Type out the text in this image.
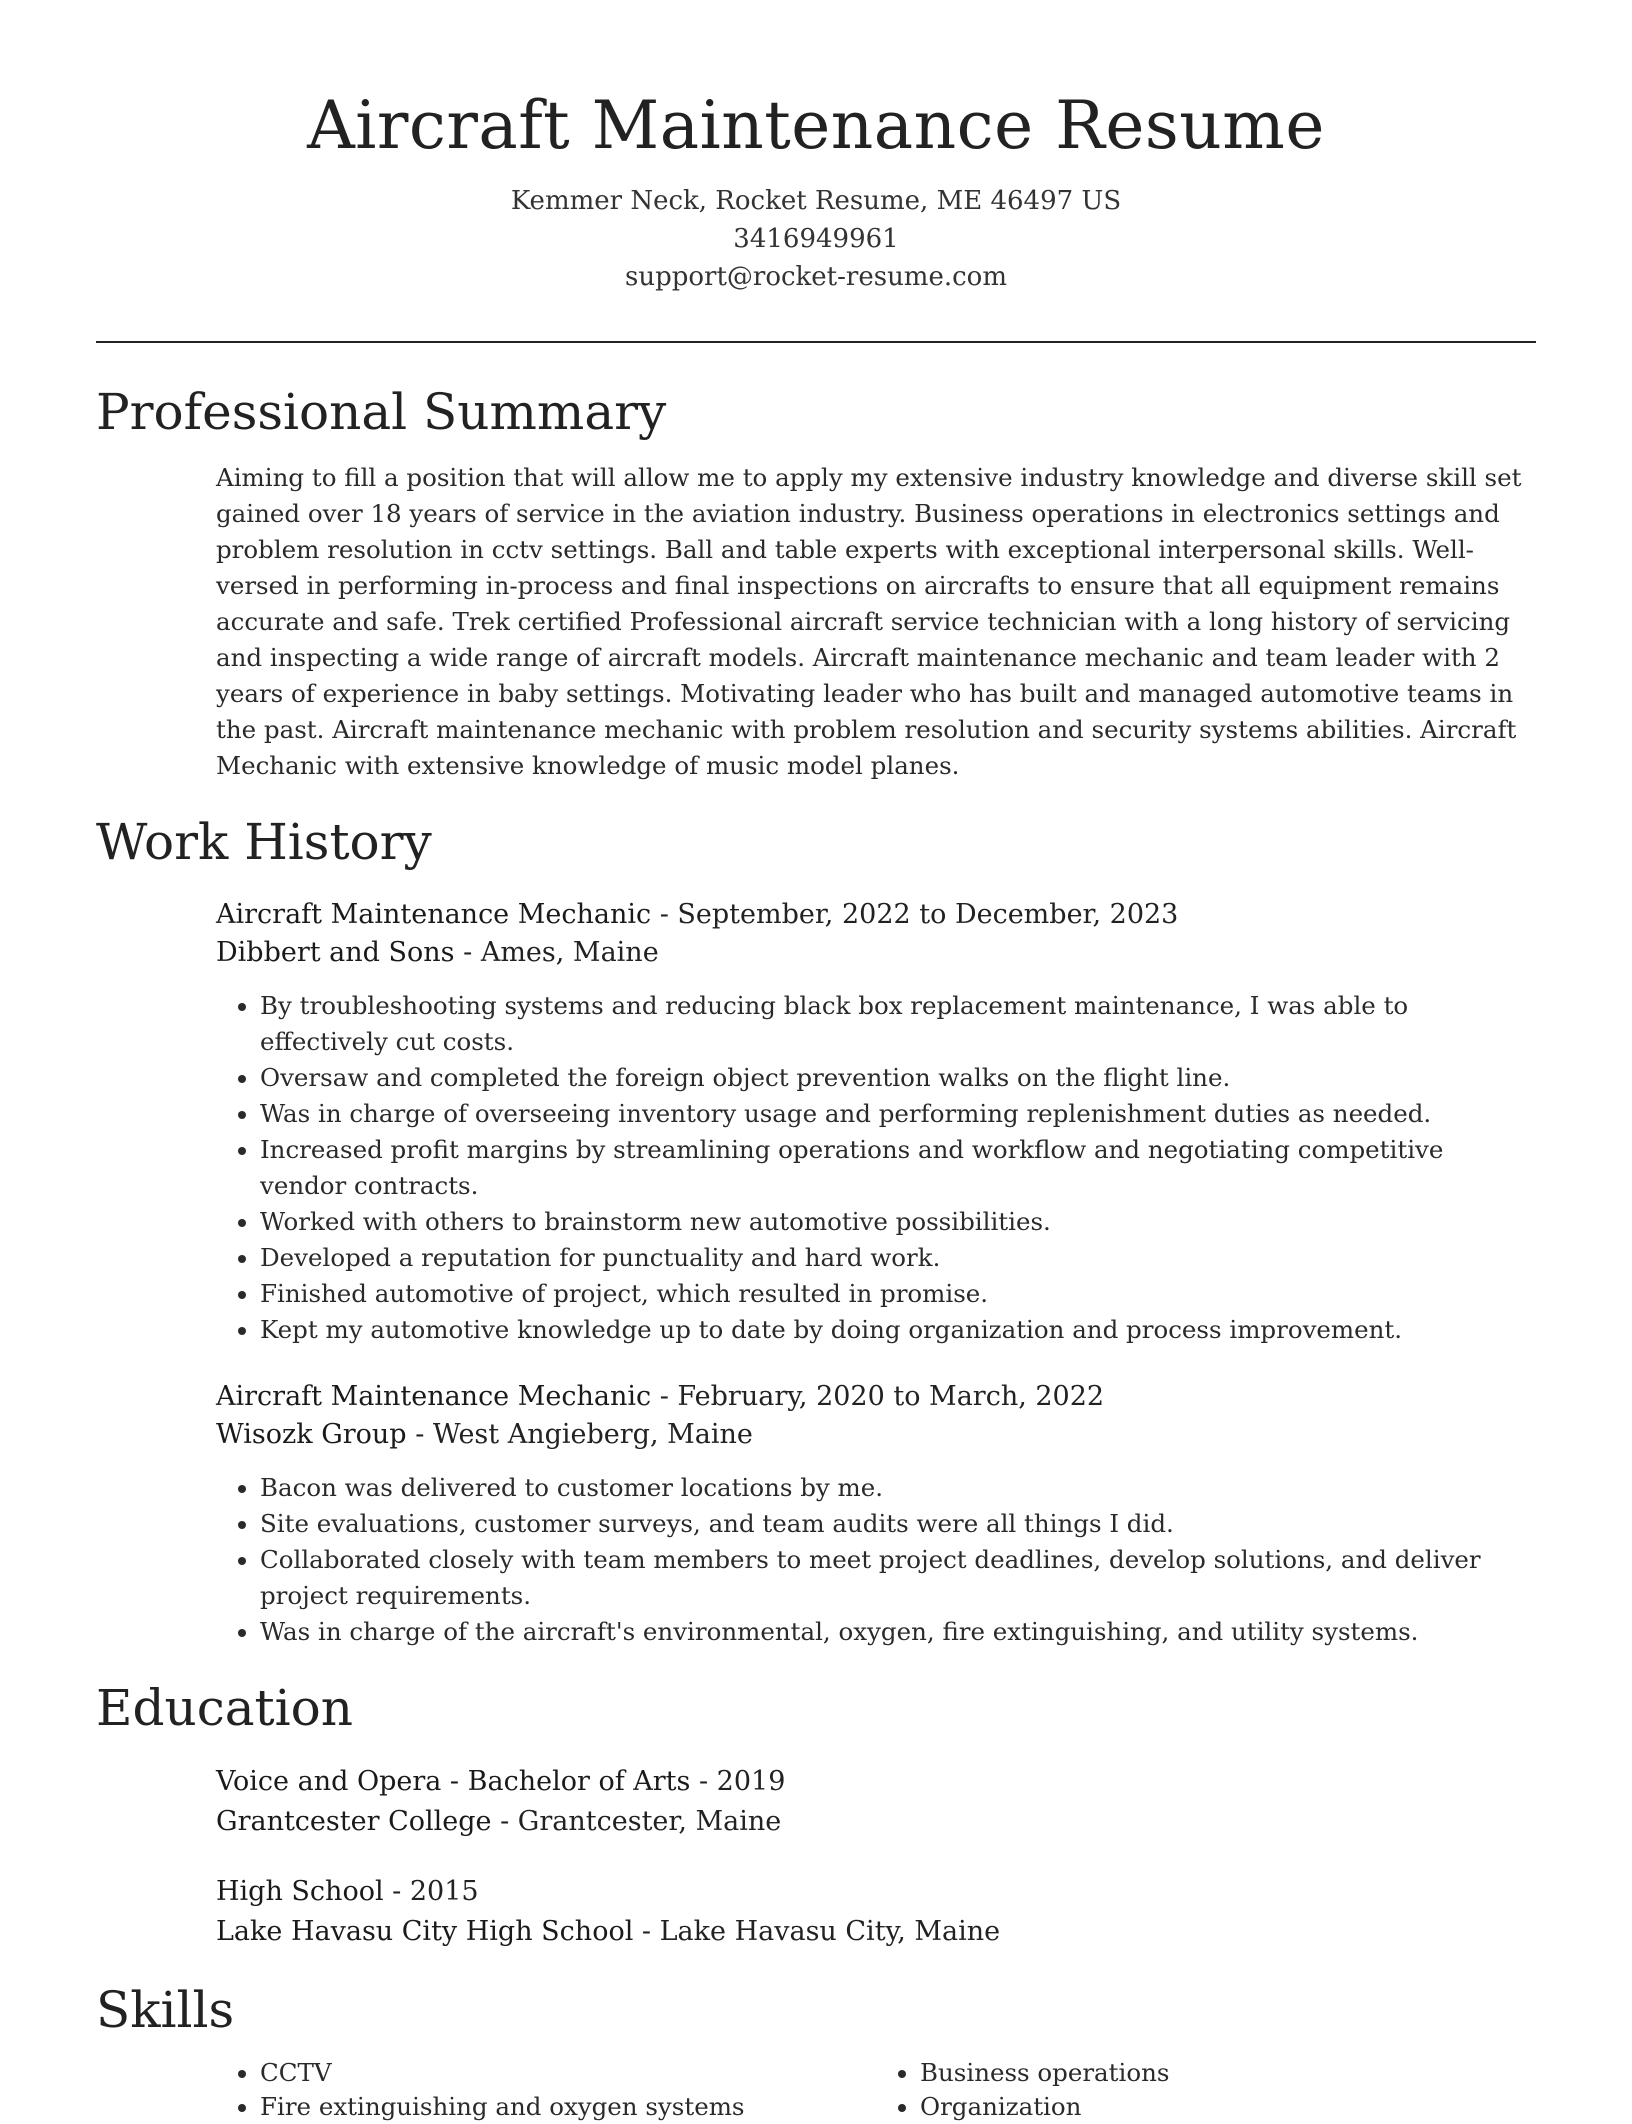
Aircraft Maintenance Resume
Kemmer Neck, Rocket Resume, ME 46497 US
3416949961
support@rocket-resume.com
Professional Summary

Aiming to fill a position that will allow me to apply my extensive industry knowledge and diverse skill set gained over 18 years of service in the aviation industry. Business operations in electronics settings and problem resolution in cctv settings. Ball and table experts with exceptional interpersonal skills. Well-versed in performing in-process and final inspections on aircrafts to ensure that all equipment remains accurate and safe. Trek certified Professional aircraft service technician with a long history of servicing and inspecting a wide range of aircraft models. Aircraft maintenance mechanic and team leader with 2 years of experience in baby settings. Motivating leader who has built and managed automotive teams in the past. Aircraft maintenance mechanic with problem resolution and security systems abilities. Aircraft Mechanic with extensive knowledge of music model planes.

Work History
Aircraft Maintenance Mechanic - September, 2022 to December, 2023
Dibbert and Sons - Ames, Maine
• By troubleshooting systems and reducing black box replacement maintenance, I was able to effectively cut costs.
• Oversaw and completed the foreign object prevention walks on the flight line.
• Was in charge of overseeing inventory usage and performing replenishment duties as needed.
• Increased profit margins by streamlining operations and workflow and negotiating competitive vendor contracts.
• Worked with others to brainstorm new automotive possibilities.
• Developed a reputation for punctuality and hard work.
• Finished automotive of project, which resulted in promise.
• Kept my automotive knowledge up to date by doing organization and process improvement.
Aircraft Maintenance Mechanic - February, 2020 to March, 2022
Wisozk Group - West Angieberg, Maine
• Bacon was delivered to customer locations by me.
• Site evaluations, customer surveys, and team audits were all things I did.
• Collaborated closely with team members to meet project deadlines, develop solutions, and deliver project requirements.
• Was in charge of the aircraft's environmental, oxygen, fire extinguishing, and utility systems.
Education
Voice and Opera - Bachelor of Arts - 2019
Grantcester College - Grantcester, Maine
High School - 2015
Lake Havasu City High School - Lake Havasu City, Maine
Skills
• CCTV
• Fire extinguishing and oxygen systems
• Business operations
• Organization
